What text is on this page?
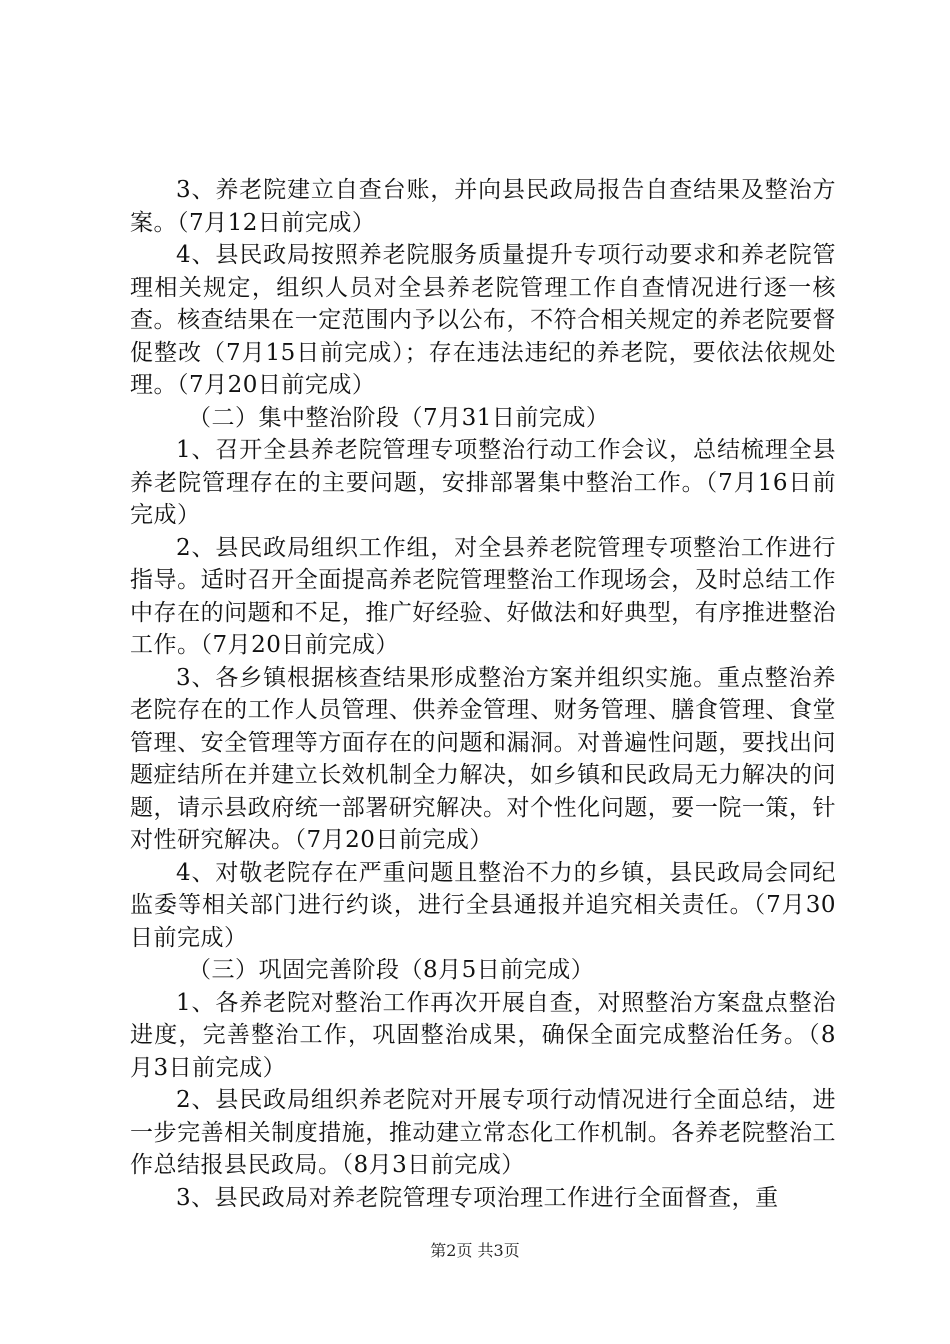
3、养老院建立自查台账，并向县民政局报告自查结果及整治方案。（7月12日前完成）

4、县民政局按照养老院服务质量提升专项行动要求和养老院管理相关规定，组织人员对全县养老院管理工作自查情况进行逐一核查。核查结果在一定范围内予以公布，不符合相关规定的养老院要督促整改（7月15日前完成）；存在违法违纪的养老院，要依法依规处理。（7月20日前完成）

（二）集中整治阶段（7月31日前完成）

1、召开全县养老院管理专项整治行动工作会议，总结梳理全县养老院管理存在的主要问题，安排部署集中整治工作。（7月16日前完成）

2、县民政局组织工作组，对全县养老院管理专项整治工作进行指导。适时召开全面提高养老院管理整治工作现场会，及时总结工作中存在的问题和不足，推广好经验、好做法和好典型，有序推进整治工作。（7月20日前完成）

3、各乡镇根据核查结果形成整治方案并组织实施。重点整治养老院存在的工作人员管理、供养金管理、财务管理、膳食管理、食堂管理、安全管理等方面存在的问题和漏洞。对普遍性问题，要找出问题症结所在并建立长效机制全力解决，如乡镇和民政局无力解决的问题，请示县政府统一部署研究解决。对个性化问题，要一院一策，针对性研究解决。（7月20日前完成）

4、对敬老院存在严重问题且整治不力的乡镇，县民政局会同纪监委等相关部门进行约谈，进行全县通报并追究相关责任。（7月30日前完成）

（三）巩固完善阶段（8月5日前完成）

1、各养老院对整治工作再次开展自查，对照整治方案盘点整治进度，完善整治工作，巩固整治成果，确保全面完成整治任务。（8月3日前完成）

2、县民政局组织养老院对开展专项行动情况进行全面总结，进一步完善相关制度措施，推动建立常态化工作机制。各养老院整治工作总结报县民政局。（8月3日前完成）

3、县民政局对养老院管理专项治理工作进行全面督查，重

第2页 共3页
